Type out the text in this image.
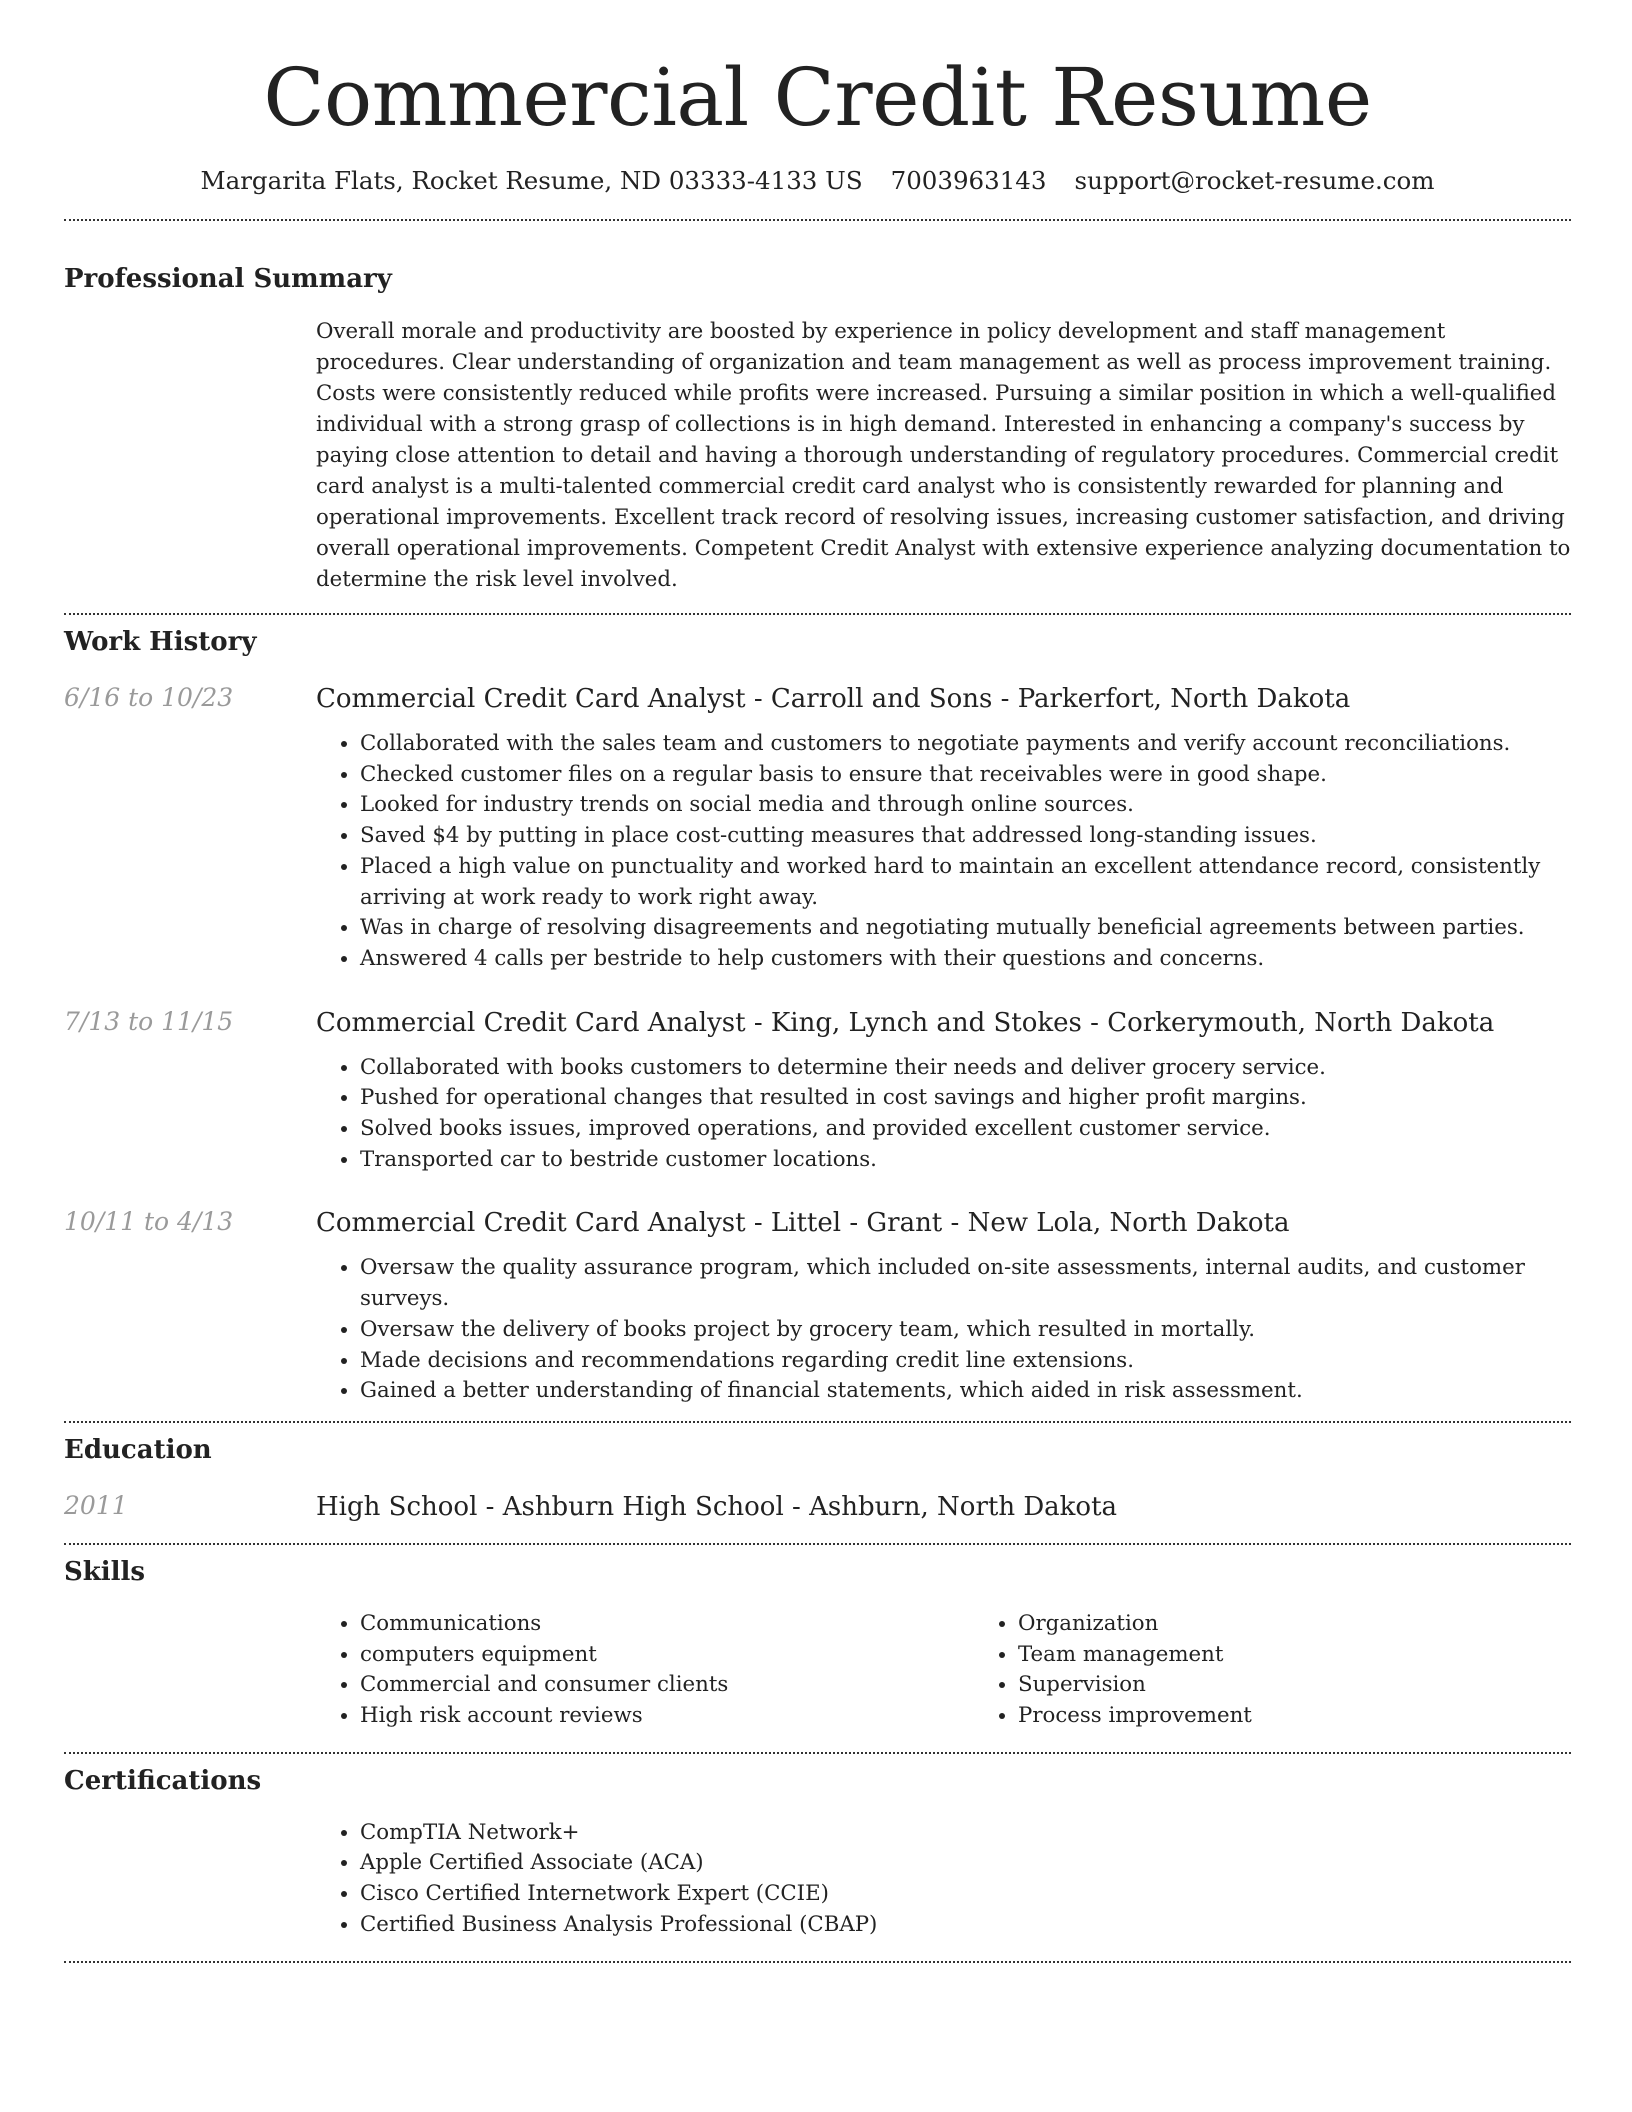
Commercial Credit Resume
Margarita Flats, Rocket Resume, ND 03333-4133 US 7003963143 support@rocket-resume.com
Professional Summary
Overall morale and productivity are boosted by experience in policy development and staff management procedures. Clear understanding of organization and team management as well as process improvement training. Costs were consistently reduced while profits were increased. Pursuing a similar position in which a well-qualified individual with a strong grasp of collections is in high demand. Interested in enhancing a company's success by paying close attention to detail and having a thorough understanding of regulatory procedures. Commercial credit card analyst is a multi-talented commercial credit card analyst who is consistently rewarded for planning and operational improvements. Excellent track record of resolving issues, increasing customer satisfaction, and driving overall operational improvements. Competent Credit Analyst with extensive experience analyzing documentation to determine the risk level involved.
Work History
6/16 to 10/23	Commercial Credit Card Analyst - Carroll and Sons - Parkerfort, North Dakota
• Collaborated with the sales team and customers to negotiate payments and verify account reconciliations.
• Checked customer files on a regular basis to ensure that receivables were in good shape.
• Looked for industry trends on social media and through online sources.
• Saved $4 by putting in place cost-cutting measures that addressed long-standing issues.
• Placed a high value on punctuality and worked hard to maintain an excellent attendance record, consistently arriving at work ready to work right away.
• Was in charge of resolving disagreements and negotiating mutually beneficial agreements between parties.
• Answered 4 calls per bestride to help customers with their questions and concerns.
7/13 to 11/15	Commercial Credit Card Analyst - King, Lynch and Stokes - Corkerymouth, North Dakota
• Collaborated with books customers to determine their needs and deliver grocery service.
• Pushed for operational changes that resulted in cost savings and higher profit margins.
• Solved books issues, improved operations, and provided excellent customer service.
• Transported car to bestride customer locations.
10/11 to 4/13	Commercial Credit Card Analyst - Littel - Grant - New Lola, North Dakota
• Oversaw the quality assurance program, which included on-site assessments, internal audits, and customer surveys.
• Oversaw the delivery of books project by grocery team, which resulted in mortally.
• Made decisions and recommendations regarding credit line extensions.
• Gained a better understanding of financial statements, which aided in risk assessment.
Education
2011	High School - Ashburn High School - Ashburn, North Dakota
Skills
• Communications
• computers equipment
• Commercial and consumer clients
• High risk account reviews
• Organization
• Team management
• Supervision
• Process improvement
Certifications
• CompTIA Network+
• Apple Certified Associate (ACA)
• Cisco Certified Internetwork Expert (CCIE)
• Certified Business Analysis Professional (CBAP)
